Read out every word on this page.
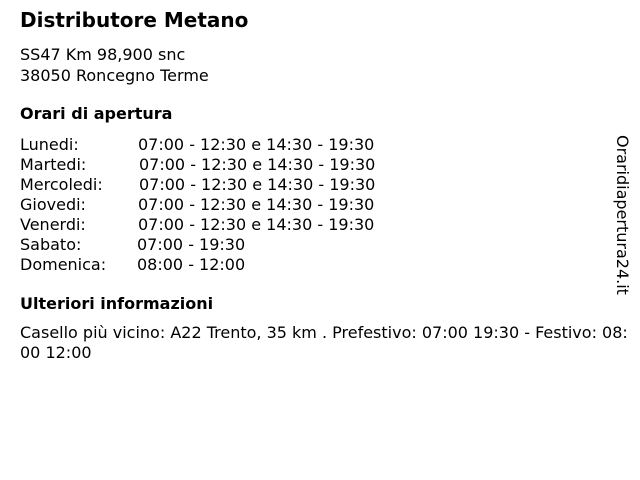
Distributore Metano
SS47 Km 98,900 snc
38050 Roncegno Terme
Orari di apertura
Lunedi:	07:00 - 12:30 e 14:30 - 19:30
Martedi:	07:00 - 12:30 e 14:30 - 19:30
Mercoledi: 07:00 - 12:30 e 14:30 - 19:30
Giovedi:	07:00 - 12:30 e 14:30 - 19:30
Venerdi:	07:00 - 12:30 e 14:30 - 19:30
Sabato:	07:00 - 19:30
Domenica: 08:00 - 12:00
Ulteriori informazioni
Casello più vicino: A22 Trento, 35 km . Prefestivo: 07:00 19:30 - Festivo: 08:00 12:00
Oraridiapertura24.it
